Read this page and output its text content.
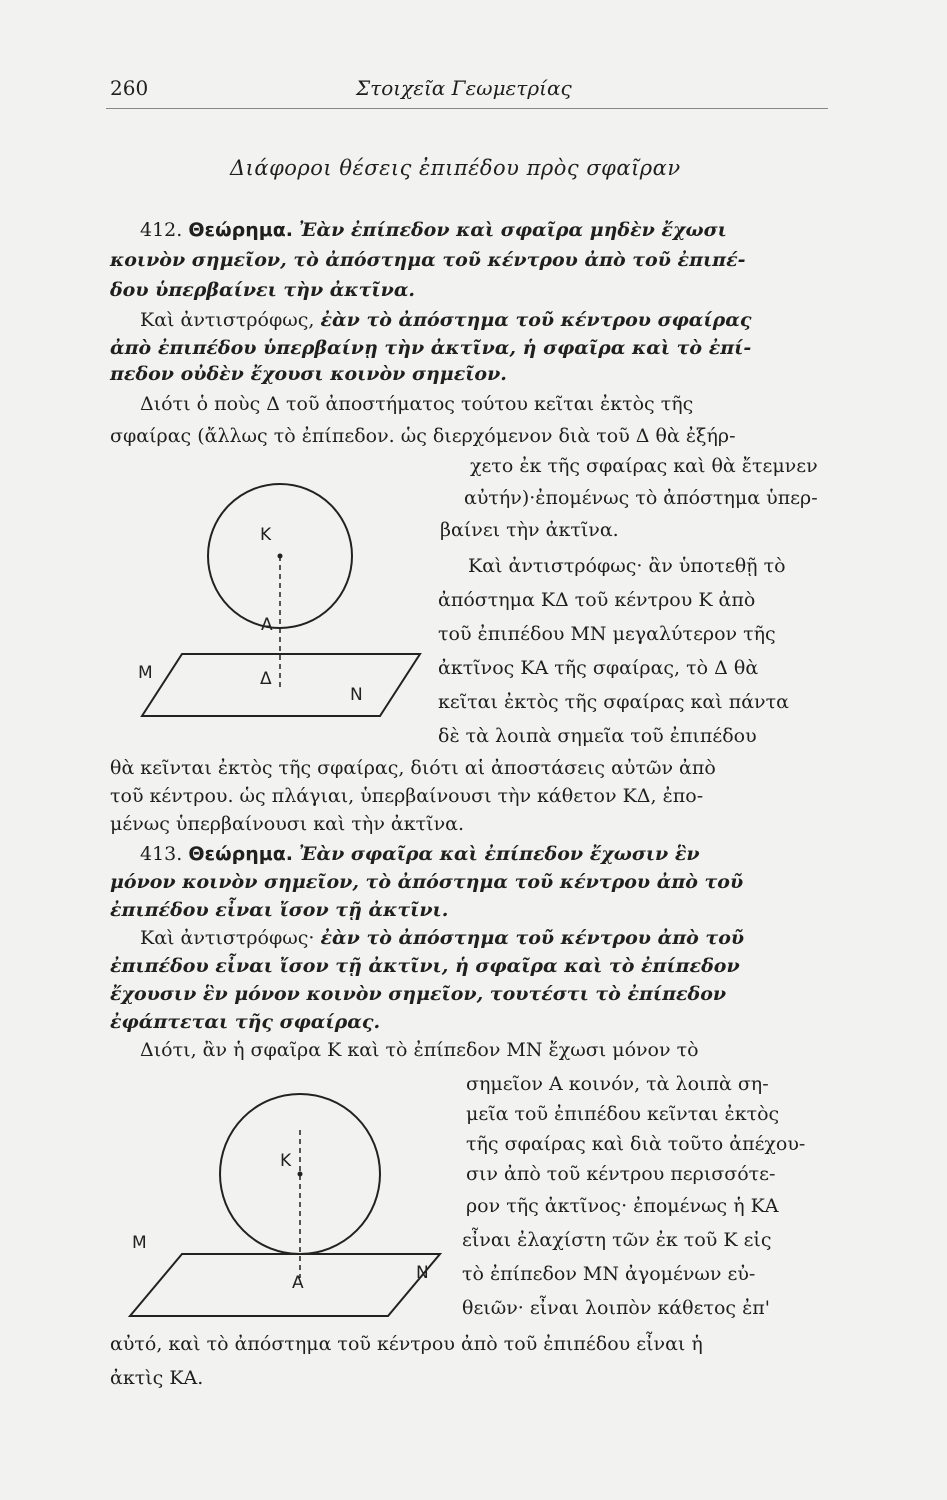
260	Στοιχεῖα Γεωμετρίας
Διάφοροι θέσεις ἐπιπέδου πρὸς σφαῖραν
412. Θεώρημα. Ἐὰν ἐπίπεδον καὶ σφαῖρα μηδὲν ἔχωσι
κοινὸν σημεῖον, τὸ ἀπόστημα τοῦ κέντρου ἀπὸ τοῦ ἐπιπέ-
δου ὑπερβαίνει τὴν ἀκτῖνα.
Καὶ ἀντιστρόφως, ἐὰν τὸ ἀπόστημα τοῦ κέντρου σφαίρας
ἀπὸ ἐπιπέδου ὑπερβαίνῃ τὴν ἀκτῖνα, ἡ σφαῖρα καὶ τὸ ἐπί-
πεδον οὐδὲν ἔχουσι κοινὸν σημεῖον.
Διότι ὁ ποὺς Δ τοῦ ἀποστήματος τούτου κεῖται ἐκτὸς τῆς
σφαίρας (ἄλλως τὸ ἐπίπεδον. ὡς διερχόμενον διὰ τοῦ Δ θὰ ἐξήρ-
χετο ἐκ τῆς σφαίρας καὶ θὰ ἔτεμνεν
αὐτήν)·ἐπομένως τὸ ἀπόστημα ὑπερ-
βαίνει τὴν ἀκτῖνα.
Καὶ ἀντιστρόφως· ἂν ὑποτεθῇ τὸ
ἀπόστημα ΚΔ τοῦ κέντρου Κ ἀπὸ
τοῦ ἐπιπέδου ΜΝ μεγαλύτερον τῆς
ἀκτῖνος ΚΑ τῆς σφαίρας, τὸ Δ θὰ
κεῖται ἐκτὸς τῆς σφαίρας καὶ πάντα
δὲ τὰ λοιπὰ σημεῖα τοῦ ἐπιπέδου
θὰ κεῖνται ἐκτὸς τῆς σφαίρας, διότι αἱ ἀποστάσεις αὐτῶν ἀπὸ
τοῦ κέντρου. ὡς πλάγιαι, ὑπερβαίνουσι τὴν κάθετον ΚΔ, ἐπο-
μένως ὑπερβαίνουσι καὶ τὴν ἀκτῖνα.
Κ
Α
Μ	Δ
Ν
413. Θεώρημα. Ἐὰν σφαῖρα καὶ ἐπίπεδον ἔχωσιν ἓν
μόνον κοινὸν σημεῖον, τὸ ἀπόστημα τοῦ κέντρου ἀπὸ τοῦ
ἐπιπέδου εἶναι ἴσον τῇ ἀκτῖνι.
Καὶ ἀντιστρόφως· ἐὰν τὸ ἀπόστημα τοῦ κέντρου ἀπὸ τοῦ
ἐπιπέδου εἶναι ἴσον τῇ ἀκτῖνι, ἡ σφαῖρα καὶ τὸ ἐπίπεδον
ἔχουσιν ἓν μόνον κοινὸν σημεῖον, τουτέστι τὸ ἐπίπεδον
ἐφάπτεται τῆς σφαίρας.
Διότι, ἂν ἡ σφαῖρα Κ καὶ τὸ ἐπίπεδον ΜΝ ἔχωσι μόνον τὸ
σημεῖον Α κοινόν, τὰ λοιπὰ ση-
μεῖα τοῦ ἐπιπέδου κεῖνται ἐκτὸς
τῆς σφαίρας καὶ διὰ τοῦτο ἀπέχου-
σιν ἀπὸ τοῦ κέντρου περισσότε-
ρον τῆς ἀκτῖνος· ἐπομένως ἡ ΚΑ
εἶναι ἐλαχίστη τῶν ἐκ τοῦ Κ εἰς
τὸ ἐπίπεδον ΜΝ ἀγομένων εὐ-
θειῶν· εἶναι λοιπὸν κάθετος ἐπ'
αὐτό, καὶ τὸ ἀπόστημα τοῦ κέντρου ἀπὸ τοῦ ἐπιπέδου εἶναι ἡ
ἀκτὶς ΚΑ.
Κ
Μ
Α	Ν
